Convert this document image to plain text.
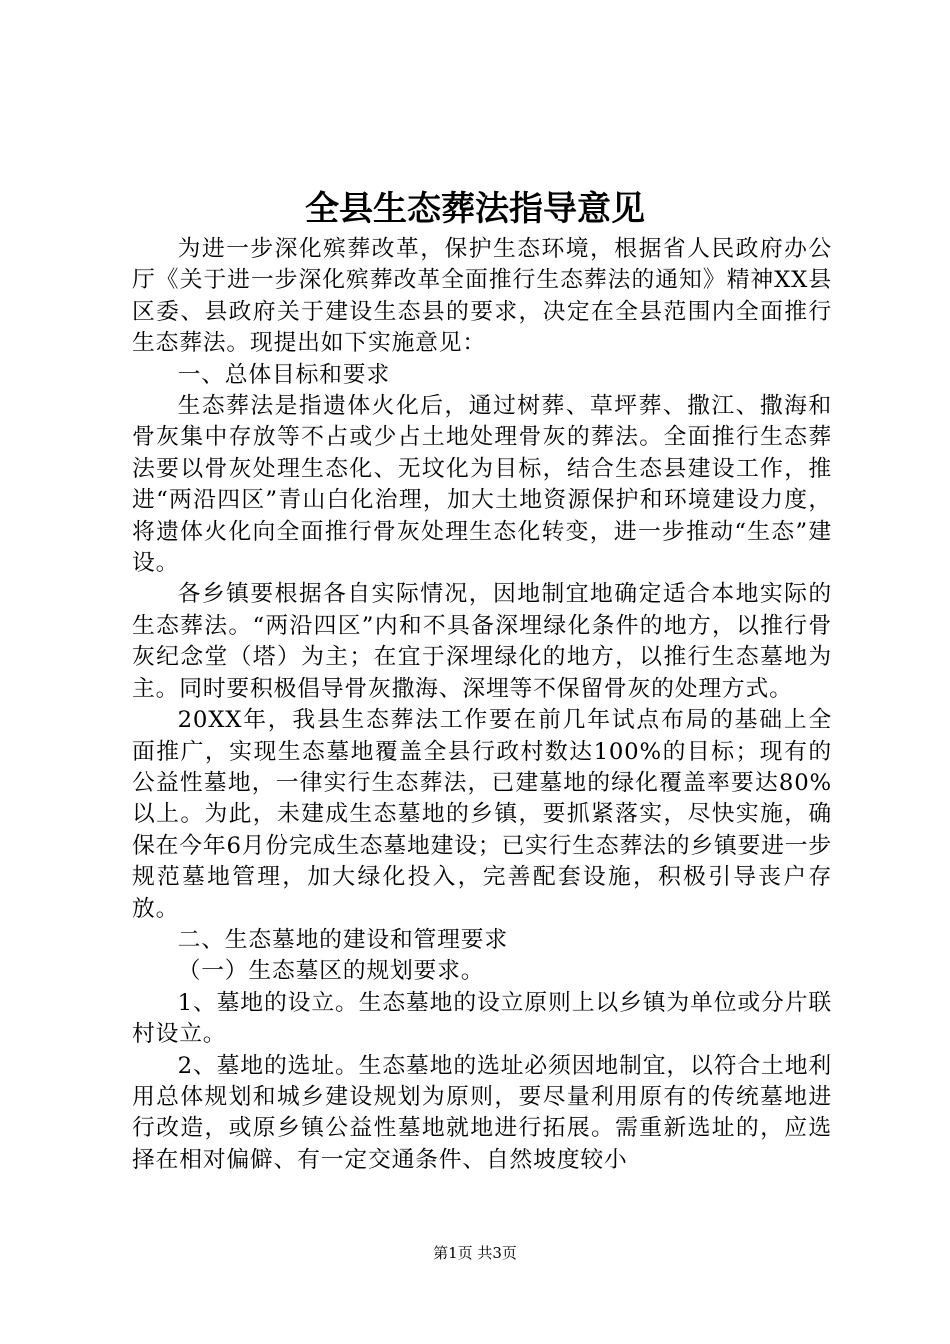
全县生态葬法指导意见

为进一步深化殡葬改革，保护生态环境，根据省人民政府办公厅《关于进一步深化殡葬改革全面推行生态葬法的通知》精神XX县区委、县政府关于建设生态县的要求，决定在全县范围内全面推行生态葬法。现提出如下实施意见：

一、总体目标和要求

生态葬法是指遗体火化后，通过树葬、草坪葬、撒江、撒海和骨灰集中存放等不占或少占土地处理骨灰的葬法。全面推行生态葬法要以骨灰处理生态化、无坟化为目标，结合生态县建设工作，推进“两沿四区”青山白化治理，加大土地资源保护和环境建设力度，将遗体火化向全面推行骨灰处理生态化转变，进一步推动“生态”建设。

各乡镇要根据各自实际情况，因地制宜地确定适合本地实际的生态葬法。“两沿四区”内和不具备深埋绿化条件的地方，以推行骨灰纪念堂（塔）为主；在宜于深埋绿化的地方，以推行生态墓地为主。同时要积极倡导骨灰撒海、深埋等不保留骨灰的处理方式。

20XX年，我县生态葬法工作要在前几年试点布局的基础上全面推广，实现生态墓地覆盖全县行政村数达100%的目标；现有的公益性墓地，一律实行生态葬法，已建墓地的绿化覆盖率要达80%以上。为此，未建成生态墓地的乡镇，要抓紧落实，尽快实施，确保在今年6月份完成生态墓地建设；已实行生态葬法的乡镇要进一步规范墓地管理，加大绿化投入，完善配套设施，积极引导丧户存放。

二、生态墓地的建设和管理要求

（一）生态墓区的规划要求。

1、墓地的设立。生态墓地的设立原则上以乡镇为单位或分片联村设立。

2、墓地的选址。生态墓地的选址必须因地制宜，以符合土地利用总体规划和城乡建设规划为原则，要尽量利用原有的传统墓地进行改造，或原乡镇公益性墓地就地进行拓展。需重新选址的，应选择在相对偏僻、有一定交通条件、自然坡度较小

第1页 共3页
